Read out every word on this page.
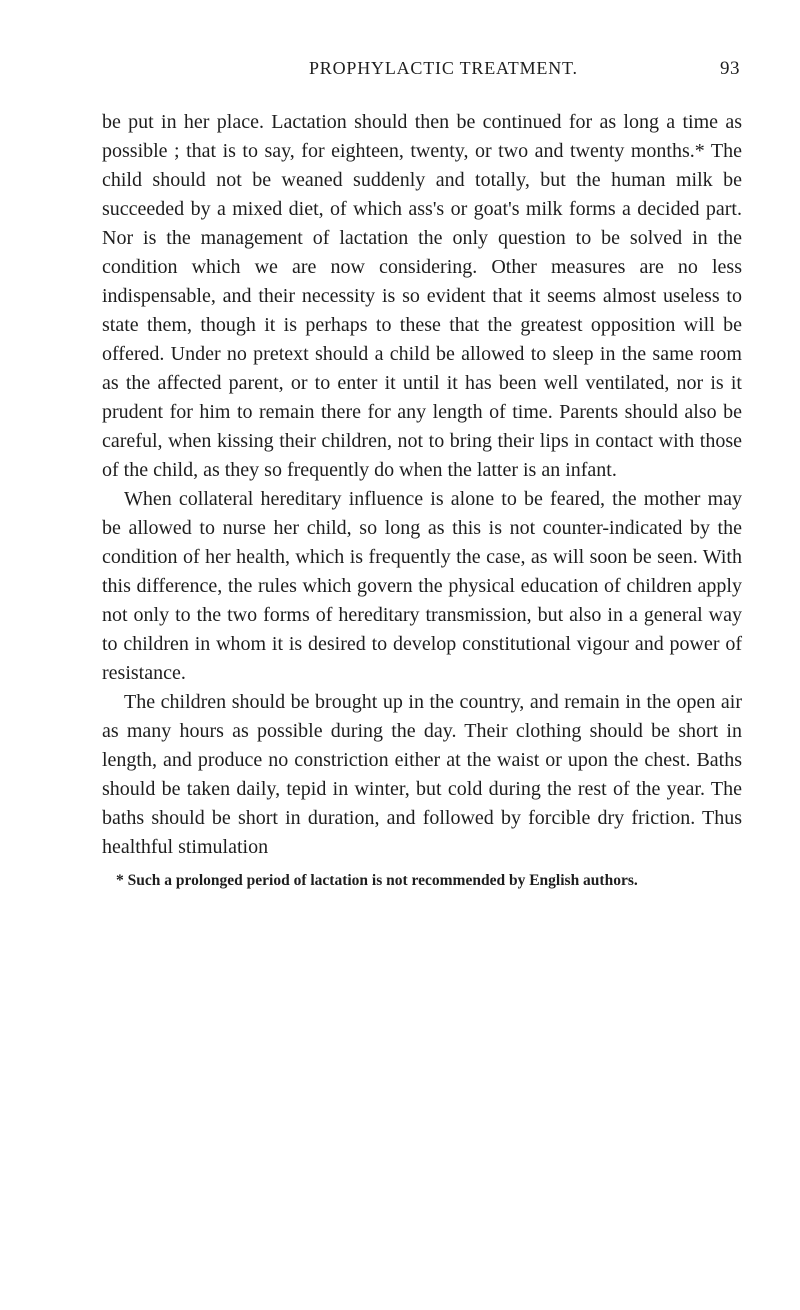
PROPHYLACTIC TREATMENT.	93

be put in her place. Lactation should then be continued for as long a time as possible ; that is to say, for eighteen, twenty, or two and twenty months.* The child should not be weaned suddenly and totally, but the human milk be succeeded by a mixed diet, of which ass's or goat's milk forms a decided part. Nor is the management of lactation the only question to be solved in the condition which we are now considering. Other measures are no less indispensable, and their necessity is so evident that it seems almost useless to state them, though it is perhaps to these that the greatest opposition will be offered. Under no pretext should a child be allowed to sleep in the same room as the affected parent, or to enter it until it has been well ventilated, nor is it prudent for him to remain there for any length of time. Parents should also be careful, when kissing their children, not to bring their lips in contact with those of the child, as they so frequently do when the latter is an infant.

When collateral hereditary influence is alone to be feared, the mother may be allowed to nurse her child, so long as this is not counter-indicated by the condition of her health, which is frequently the case, as will soon be seen. With this difference, the rules which govern the physical education of children apply not only to the two forms of hereditary transmission, but also in a general way to children in whom it is desired to develop constitutional vigour and power of resistance.

The children should be brought up in the country, and remain in the open air as many hours as possible during the day. Their clothing should be short in length, and produce no constriction either at the waist or upon the chest. Baths should be taken daily, tepid in winter, but cold during the rest of the year. The baths should be short in duration, and followed by forcible dry friction. Thus healthful stimulation

* Such a prolonged period of lactation is not recommended by English authors.
